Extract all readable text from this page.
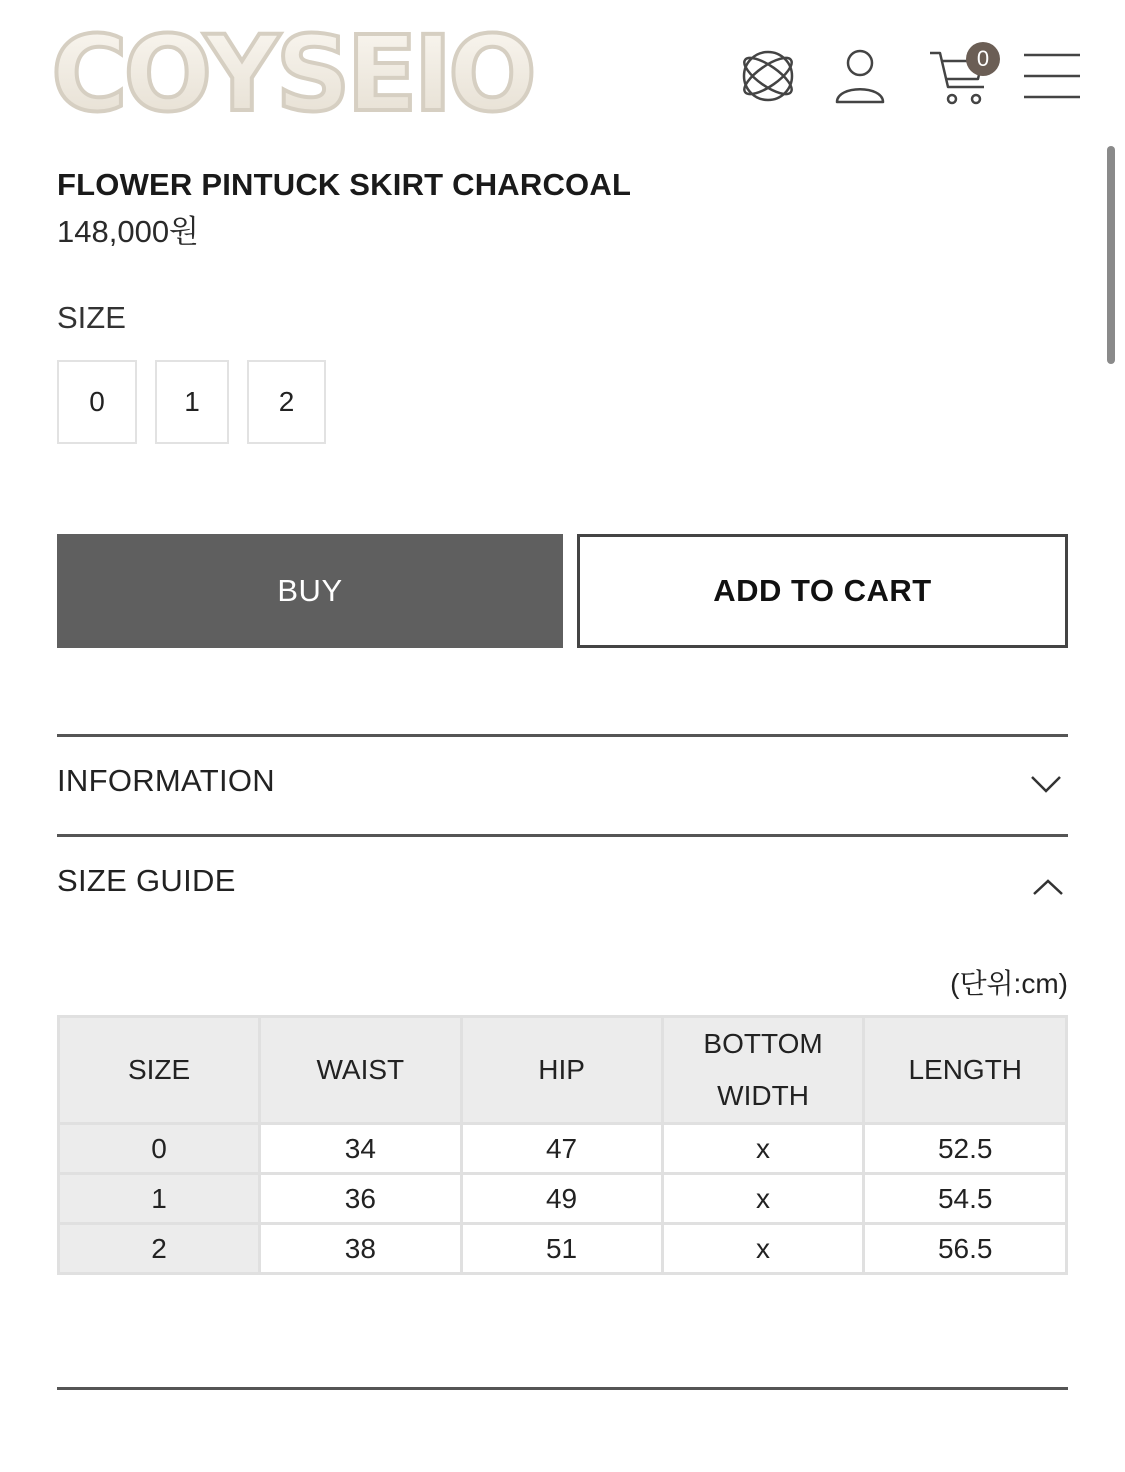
COYSEIO	0
FLOWER PINTUCK SKIRT CHARCOAL
148,000원
SIZE
0	1	2
BUY	ADD TO CART
INFORMATION
SIZE GUIDE
(단위:cm)
SIZE	WAIST	HIP	BOTTOM WIDTH	LENGTH
0	34	47	x	52.5
1	36	49	x	54.5
2	38	51	x	56.5
